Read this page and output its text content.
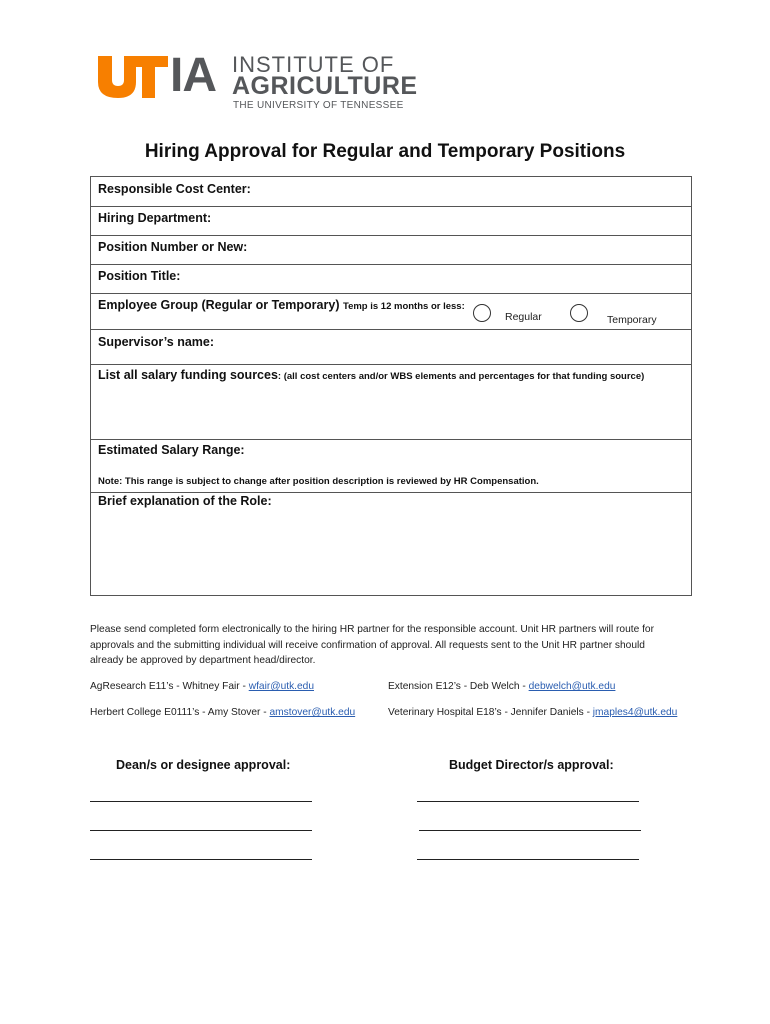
IA INSTITUTE OF
AGRICULTURE
THE UNIVERSITY OF TENNESSEE
Hiring Approval for Regular and Temporary Positions
Responsible Cost Center:
Hiring Department:
Position Number or New:
Position Title:
Employee Group (Regular or Temporary) Temp is 12 months or less:
Regular	Temporary
Supervisor’s name:
List all salary funding sources: (all cost centers and/or WBS elements and percentages for that funding source)
Estimated Salary Range:
Note: This range is subject to change after position description is reviewed by HR Compensation.
Brief explanation of the Role:
Please send completed form electronically to the hiring HR partner for the responsible account. Unit HR partners will route for approvals and the submitting individual will receive confirmation of approval. All requests sent to the Unit HR partner should already be approved by department head/director.
AgResearch E11’s - Whitney Fair - wfair@utk.edu	Extension E12’s - Deb Welch - debwelch@utk.edu
Herbert College E0111’s - Amy Stover - amstover@utk.edu	Veterinary Hospital E18’s - Jennifer Daniels - jmaples4@utk.edu
Dean/s or designee approval:	Budget Director/s approval:
